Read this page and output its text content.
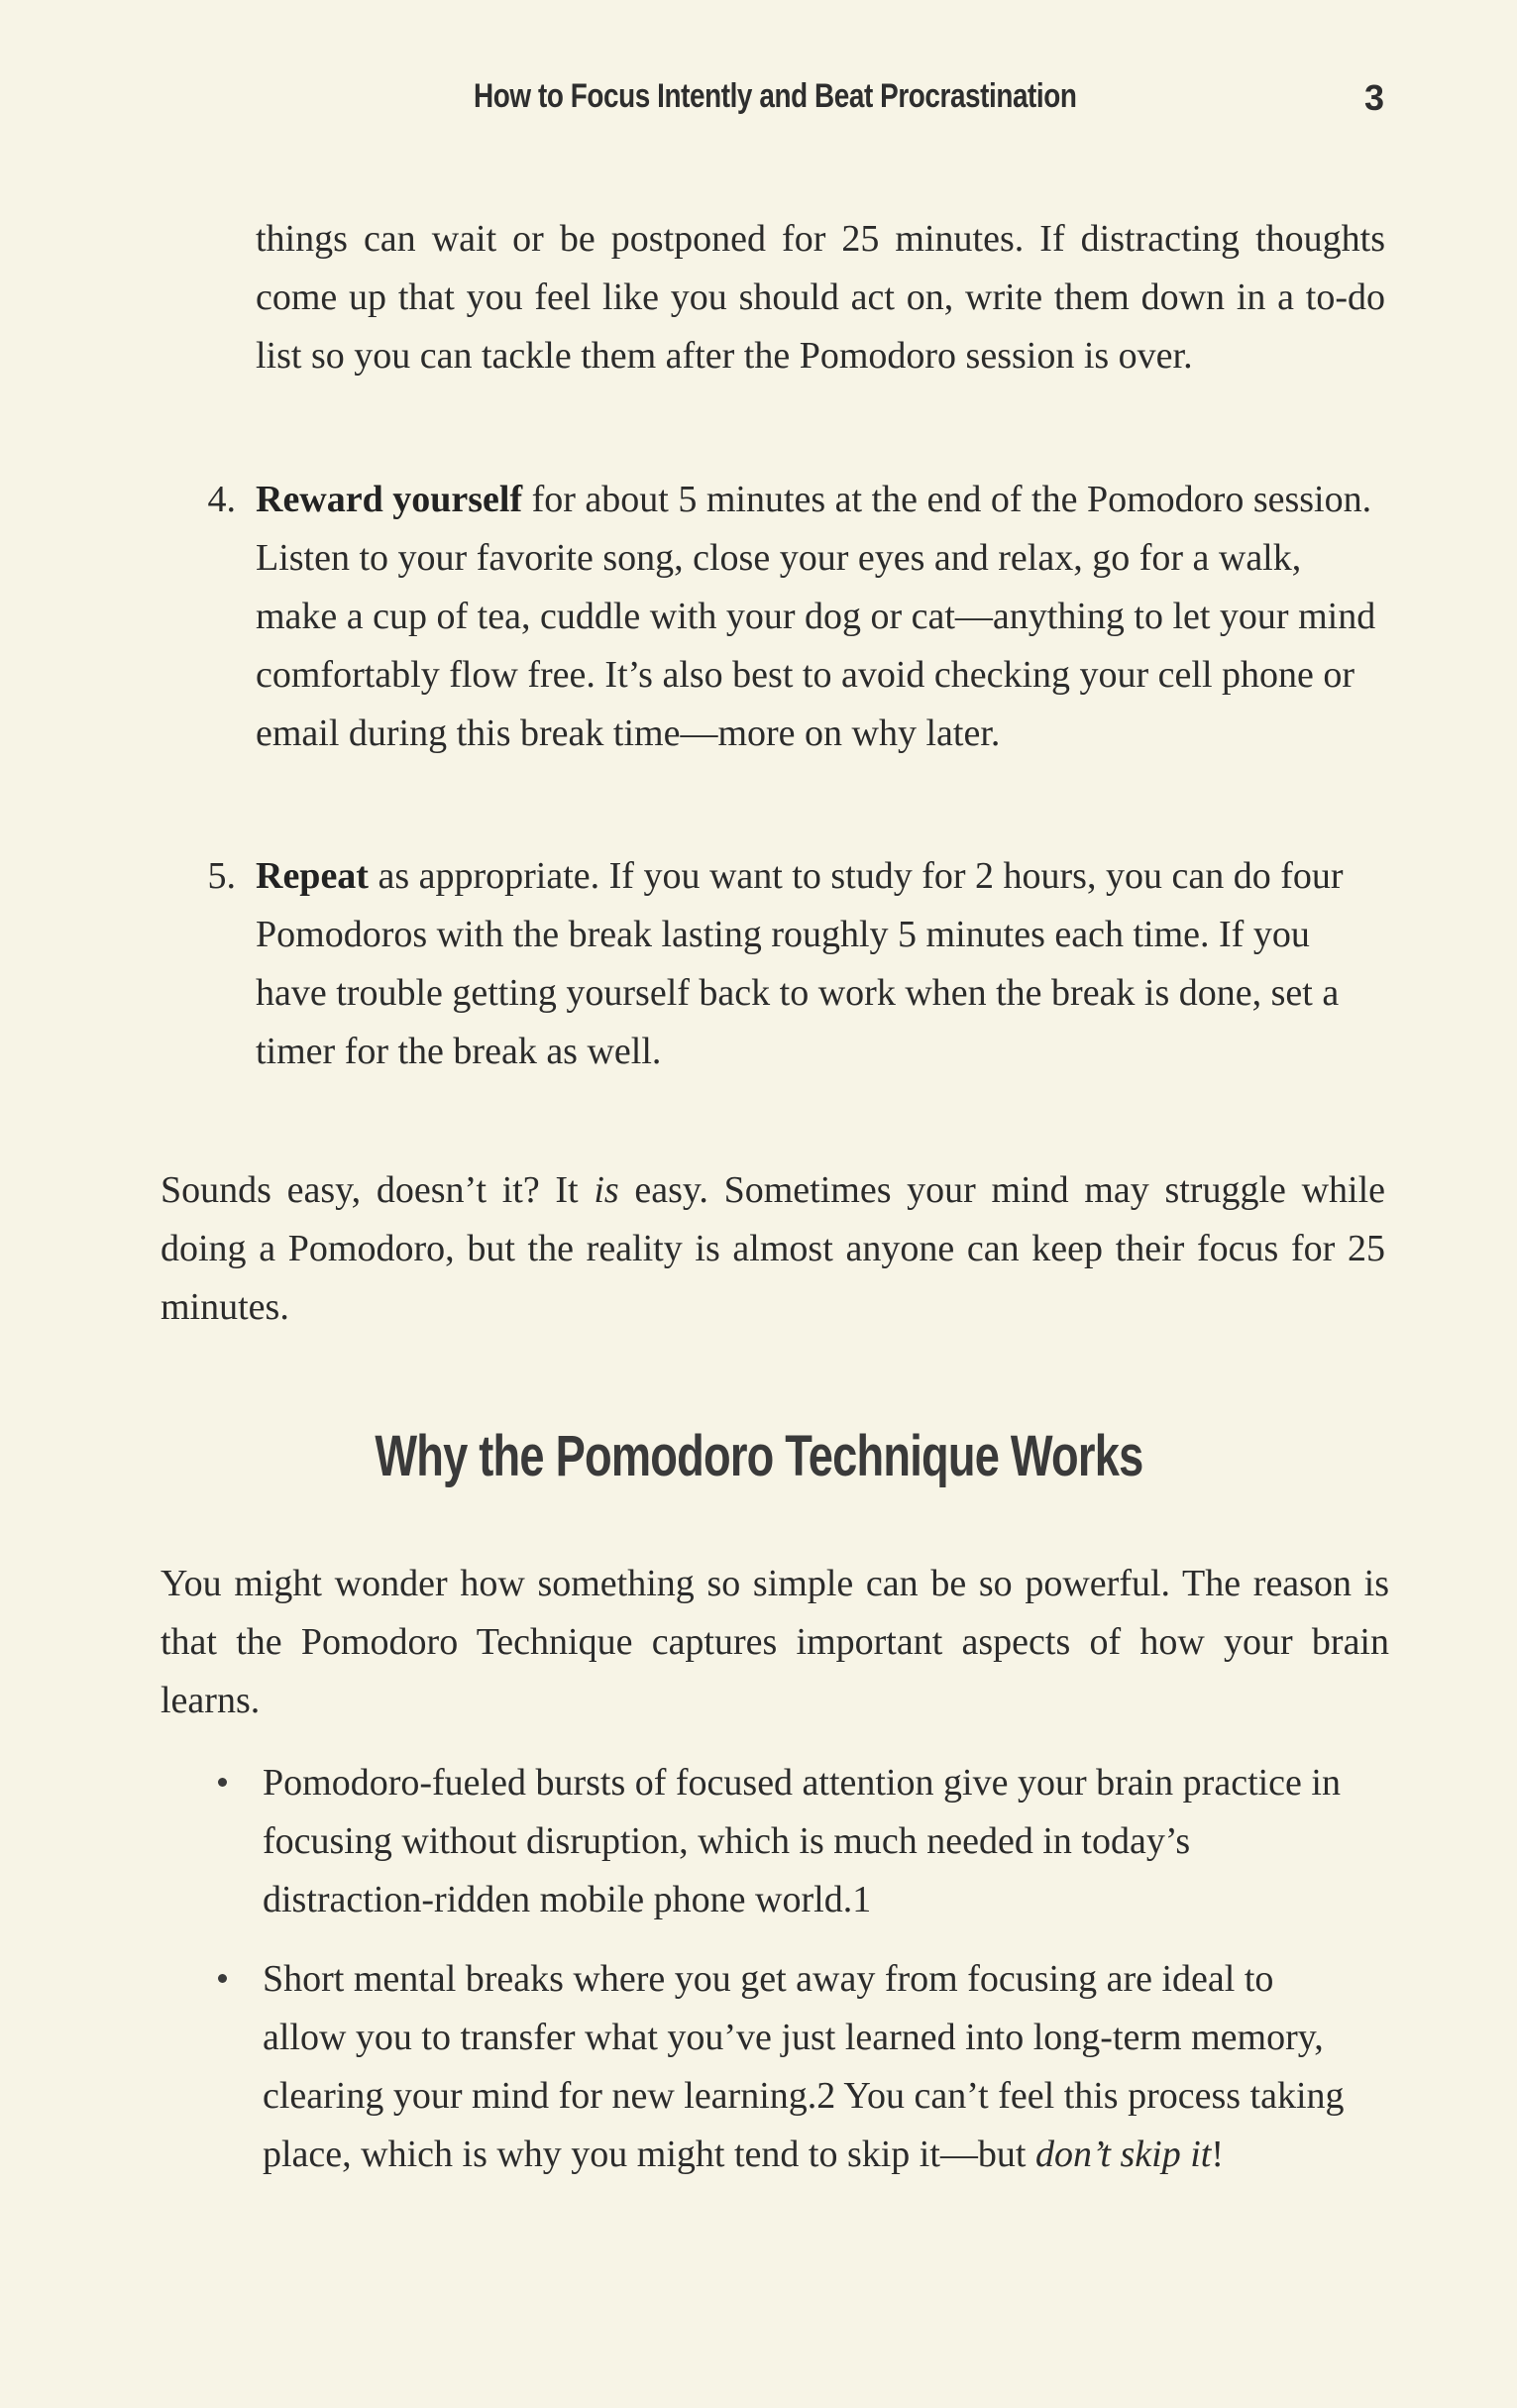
How to Focus Intently and Beat Procrastination	3

things can wait or be postponed for 25 minutes. If distracting thoughts come up that you feel like you should act on, write them down in a to-do list so you can tackle them after the Pomodoro session is over.

4. Reward yourself for about 5 minutes at the end of the Pomodoro session. Listen to your favorite song, close your eyes and relax, go for a walk, make a cup of tea, cuddle with your dog or cat—anything to let your mind comfortably flow free. It’s also best to avoid checking your cell phone or email during this break time—more on why later.

5. Repeat as appropriate. If you want to study for 2 hours, you can do four Pomodoros with the break lasting roughly 5 minutes each time. If you have trouble getting yourself back to work when the break is done, set a timer for the break as well.

Sounds easy, doesn’t it? It is easy. Sometimes your mind may struggle while doing a Pomodoro, but the reality is almost anyone can keep their focus for 25 minutes.

Why the Pomodoro Technique Works

You might wonder how something so simple can be so powerful. The reason is that the Pomodoro Technique captures important aspects of how your brain learns.

Pomodoro-fueled bursts of focused attention give your brain practice in focusing without disruption, which is much needed in today’s distraction-ridden mobile phone world.1

Short mental breaks where you get away from focusing are ideal to allow you to transfer what you’ve just learned into long-term memory, clearing your mind for new learning.2 You can’t feel this process taking place, which is why you might tend to skip it—but don’t skip it!
